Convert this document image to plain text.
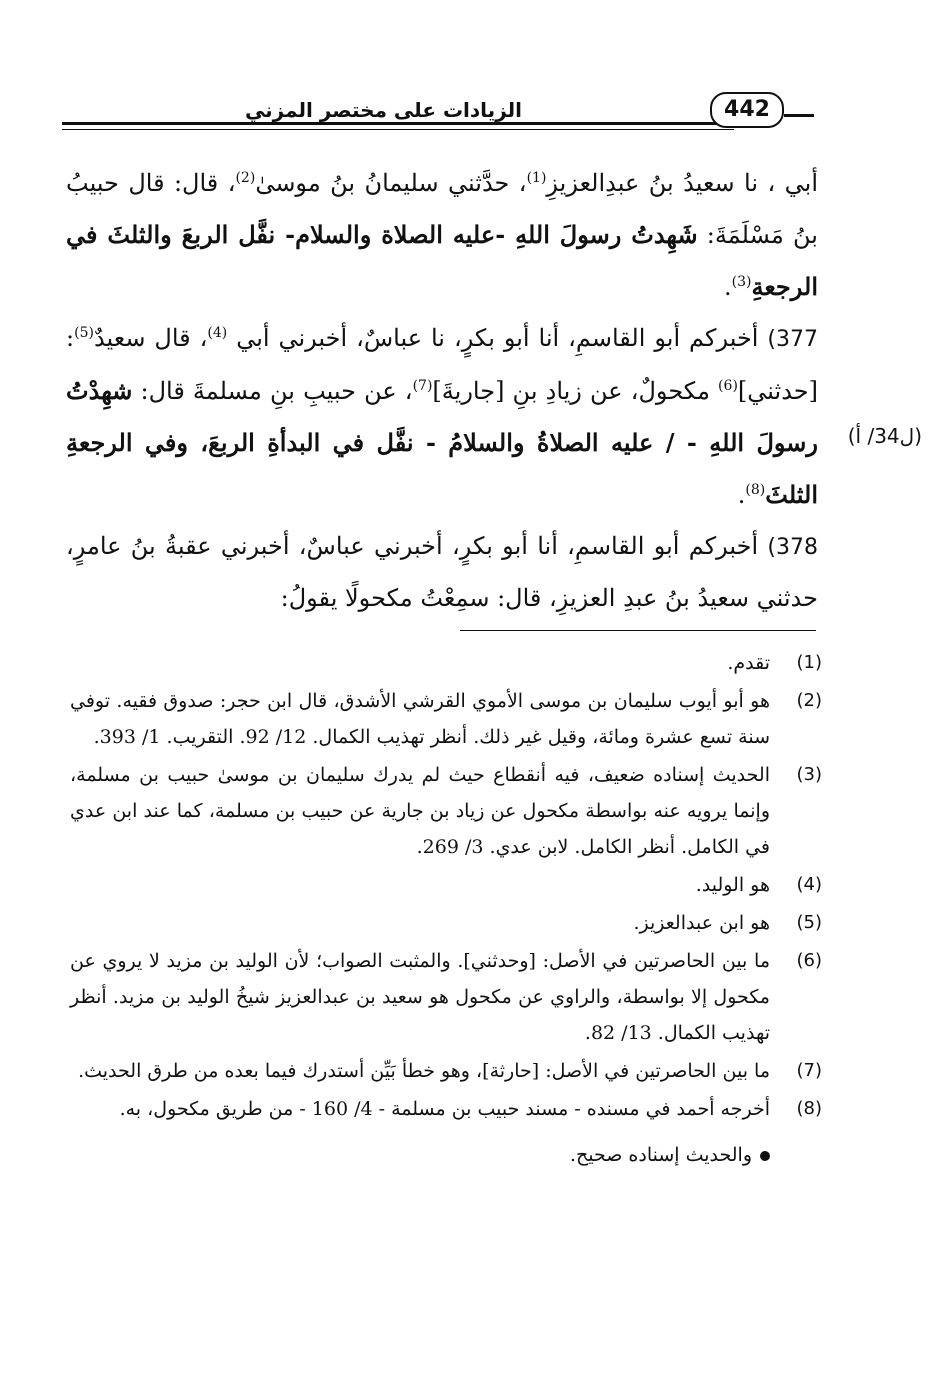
الزيادات على مختصر المزني	442

أبي ، نا سعيدُ بنُ عبدِالعزيزِ$^{(1)}$، حدَّثني سليمانُ بنُ موسىٰ$^{(2)}$، قال: قال حبيبُ بنُ مَسْلَمَةَ: شَهِدتُ رسولَ اللهِ -عليه الصلاة والسلام- نفَّل الربعَ والثلثَ في الرجعةِ$^{(3)}$.

377) أخبركم أبو القاسمِ، أنا أبو بكرٍ، نا عباسٌ، أخبرني أبي $^{(4)}$، قال سعيدٌ$^{(5)}$: [حدثني]$^{(6)}$ مكحولٌ، عن زيادِ بنِ [جاريةَ]$^{(7)}$، عن حبيبِ بنِ مسلمةَ قال: شهِدْتُ رسولَ اللهِ - / عليه الصلاةُ والسلامُ - نفَّل في البدأةِ الربعَ، وفي الرجعةِ الثلثَ$^{(8)}$.

378) أخبركم أبو القاسمِ، أنا أبو بكرٍ، أخبرني عباسٌ، أخبرني عقبةُ بنُ عامرٍ، حدثني سعيدُ بنُ عبدِ العزيزِ، قال: سمِعْتُ مكحولًا يقولُ:

(ل34/ أ)
(1)
تقدم.
(2)
هو أبو أيوب سليمان بن موسى الأموي القرشي الأشدق، قال ابن حجر: صدوق فقيه. توفي سنة تسع عشرة ومائة، وقيل غير ذلك. أنظر تهذيب الكمال. 12/ 92. التقريب. 1/ 393.
(3)
الحديث إسناده ضعيف، فيه أنقطاع حيث لم يدرك سليمان بن موسىٰ حبيب بن مسلمة، وإنما يرويه عنه بواسطة مكحول عن زياد بن جارية عن حبيب بن مسلمة، كما عند ابن عدي في الكامل. أنظر الكامل. لابن عدي. 3/ 269.
(4)
هو الوليد.
(5)
هو ابن عبدالعزيز.
(6)
ما بين الحاصرتين في الأصل: [وحدثني]. والمثبت الصواب؛ لأن الوليد بن مزيد لا يروي عن مكحول إلا بواسطة، والراوي عن مكحول هو سعيد بن عبدالعزيز شيخُ الوليد بن مزيد. أنظر تهذيب الكمال. 13/ 82.
(7)
ما بين الحاصرتين في الأصل: [حارثة]، وهو خطأ بَيِّن أستدرك فيما بعده من طرق الحديث.
(8)
أخرجه أحمد في مسنده - مسند حبيب بن مسلمة - 4/ 160 - من طريق مكحول، به.
والحديث إسناده صحيح.
